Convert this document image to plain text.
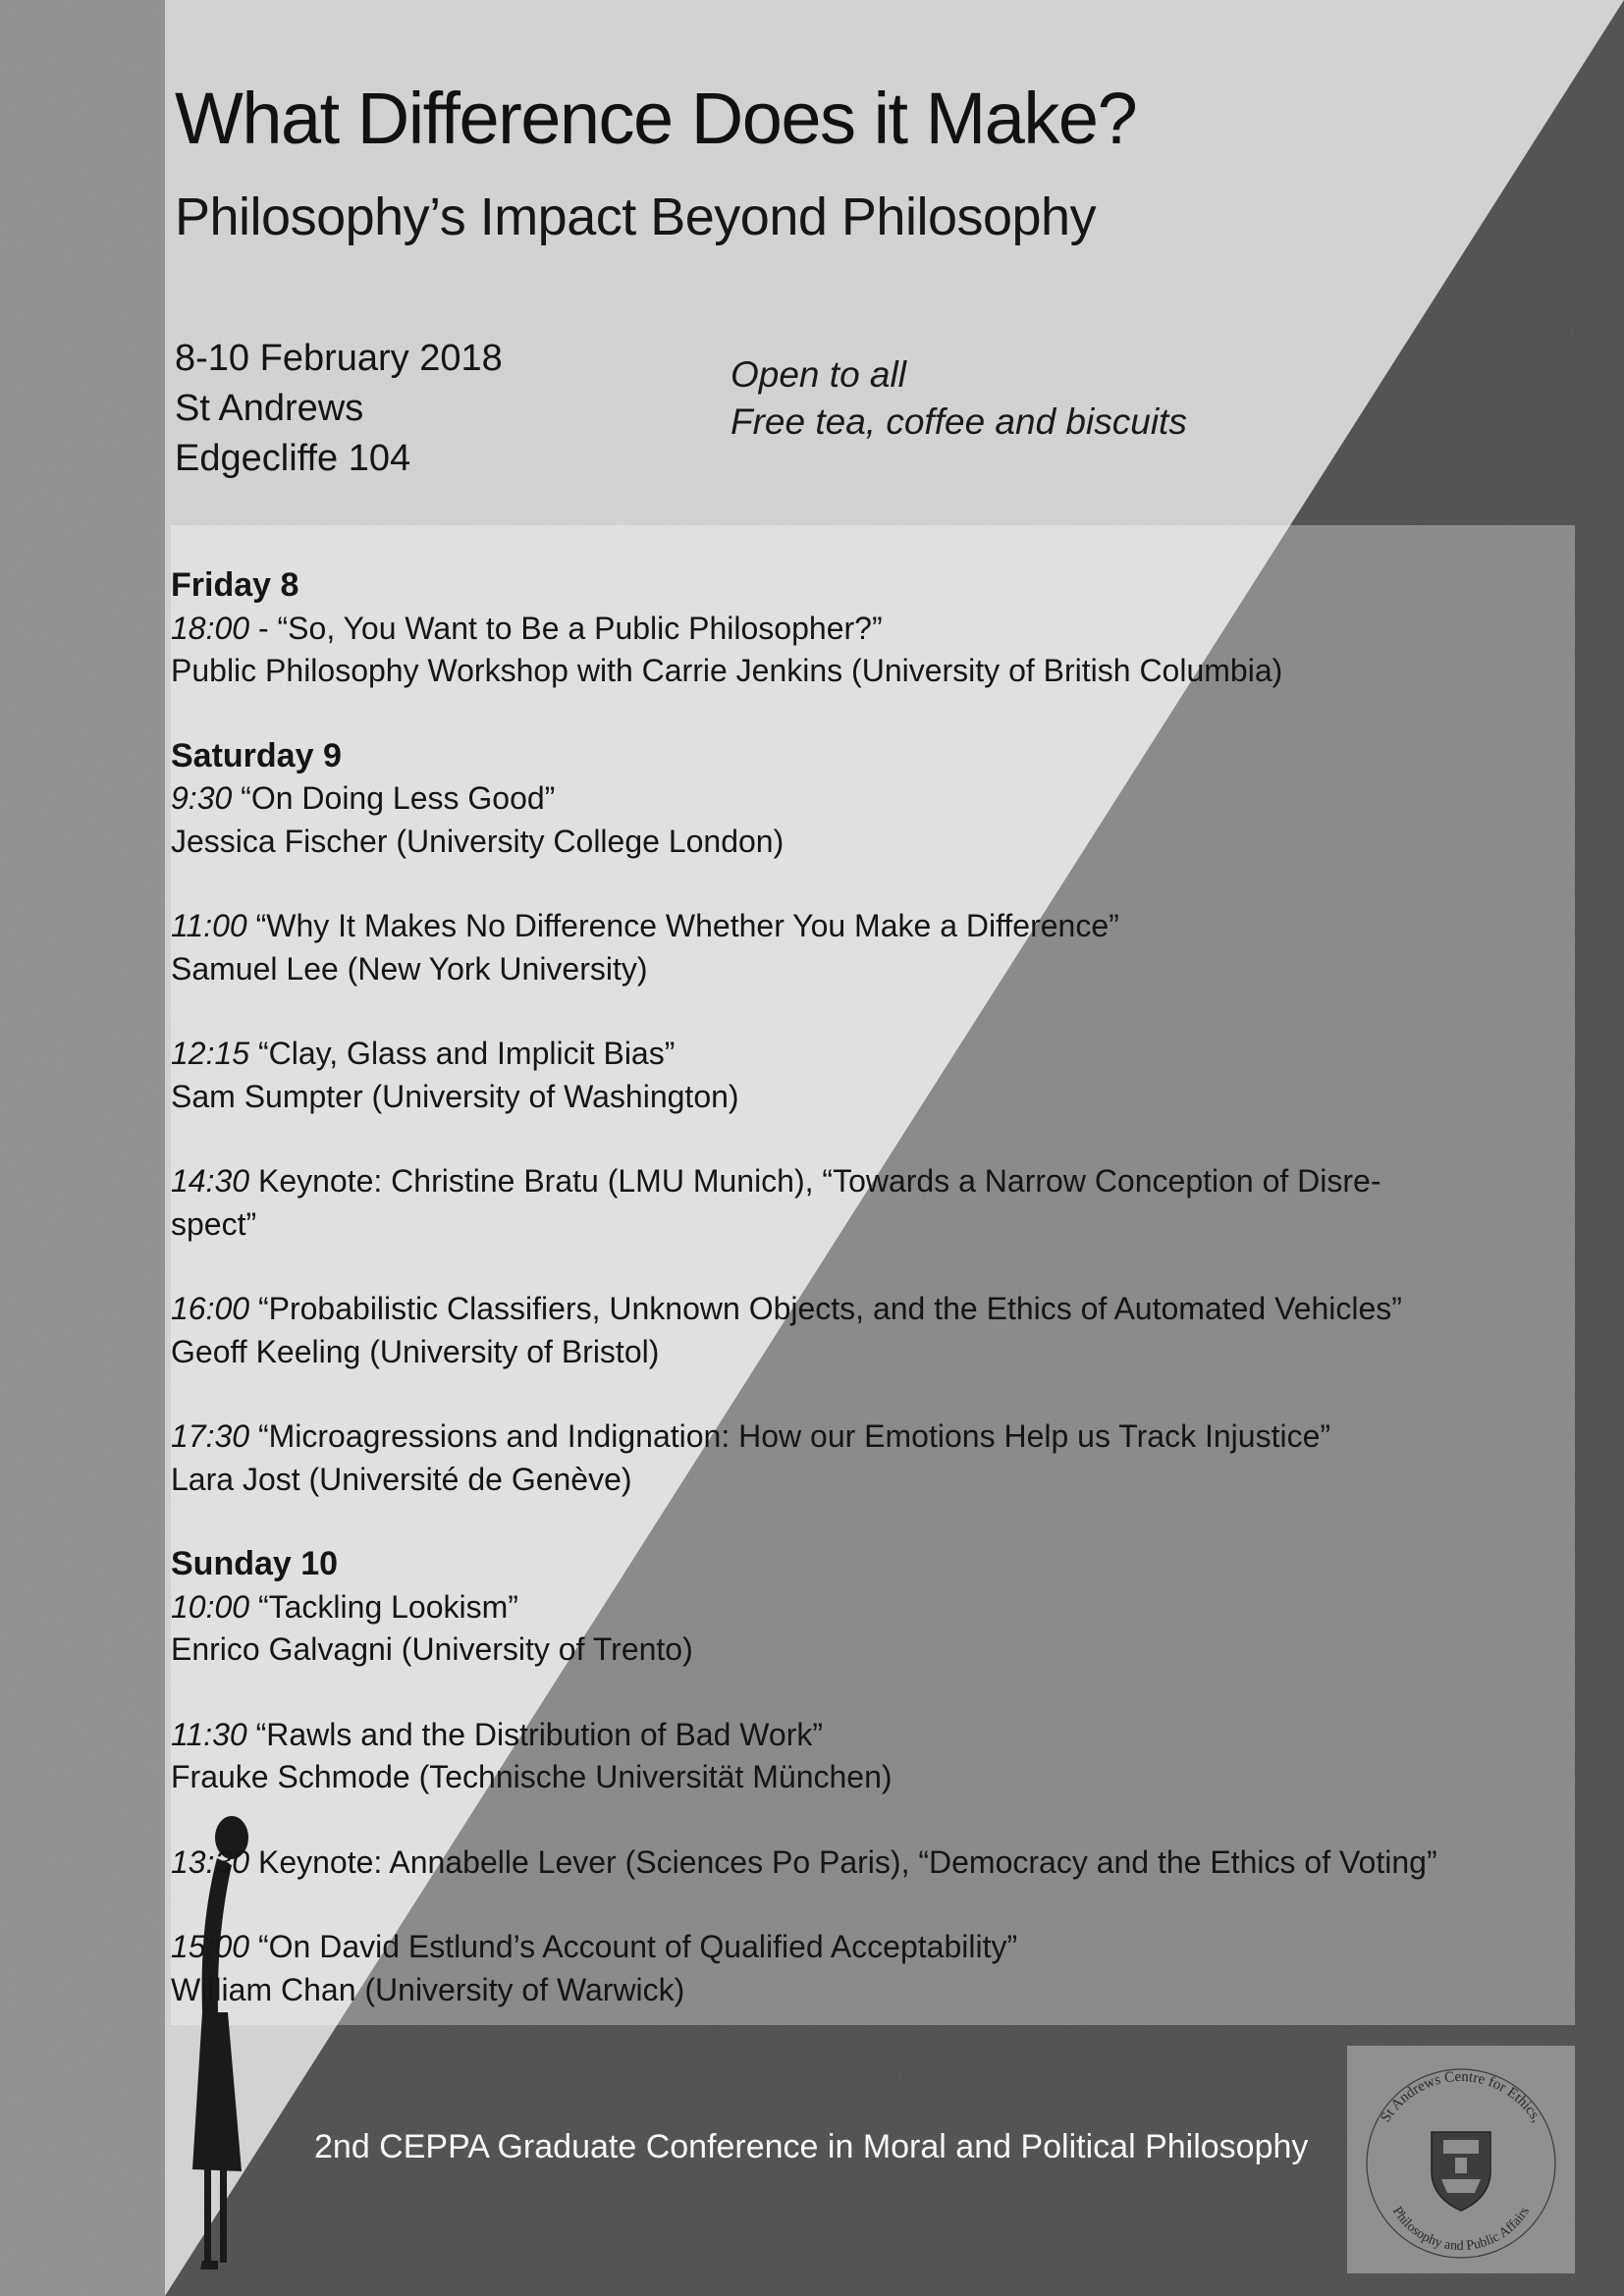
What Difference Does it Make?
Philosophy’s Impact Beyond Philosophy
8-10 February 2018
St Andrews
Edgecliffe 104
Open to all
Free tea, coffee and biscuits
Friday 8
18:00 - “So, You Want to Be a Public Philosopher?”
Public Philosophy Workshop with Carrie Jenkins (University of British Columbia)
Saturday 9
9:30 “On Doing Less Good”
Jessica Fischer (University College London)
11:00 “Why It Makes No Difference Whether You Make a Difference”
Samuel Lee (New York University)
12:15 “Clay, Glass and Implicit Bias”
Sam Sumpter (University of Washington)
14:30 Keynote: Christine Bratu (LMU Munich), “Towards a Narrow Conception of Disre-
spect”
16:00 “Probabilistic Classifiers, Unknown Objects, and the Ethics of Automated Vehicles”
Geoff Keeling (University of Bristol)
17:30 “Microagressions and Indignation: How our Emotions Help us Track Injustice”
Lara Jost (Université de Genève)
Sunday 10
10:00 “Tackling Lookism”
Enrico Galvagni (University of Trento)
11:30 “Rawls and the Distribution of Bad Work”
Frauke Schmode (Technische Universität München)
13:30 Keynote: Annabelle Lever (Sciences Po Paris), “Democracy and the Ethics of Voting”
15:00 “On David Estlund’s Account of Qualified Acceptability”
William Chan (University of Warwick)
2nd CEPPA Graduate Conference in Moral and Political Philosophy
St Andrews Centre for Ethics,
Philosophy and Public Affairs
